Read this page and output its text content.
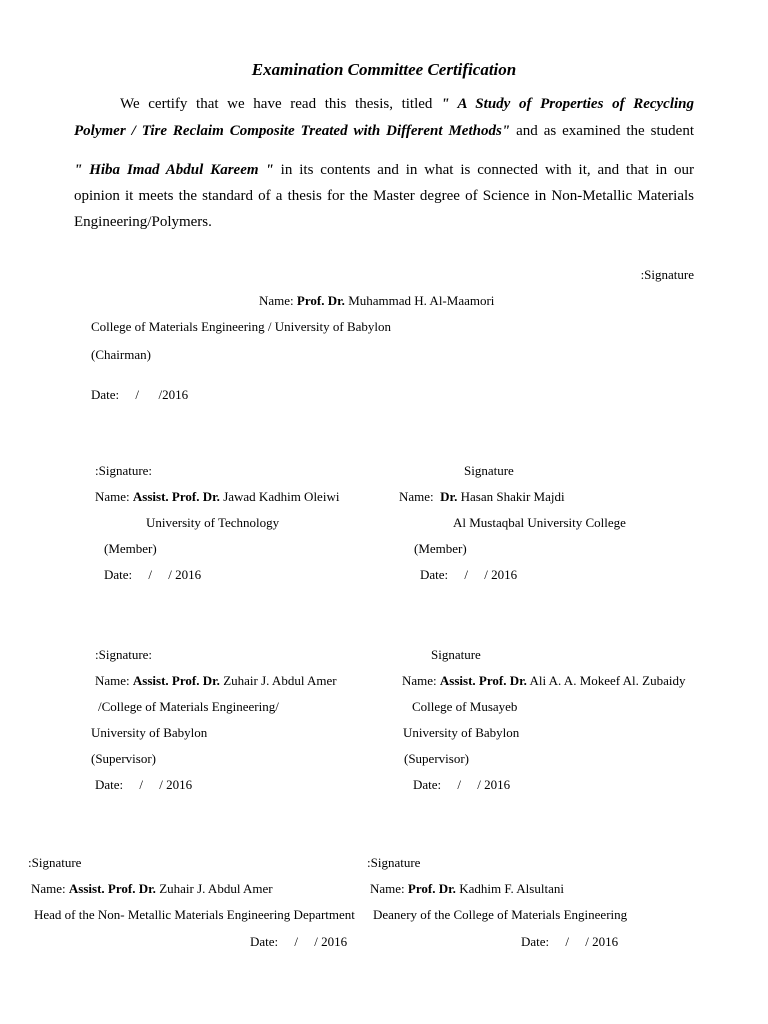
Examination Committee Certification
We certify that we have read this thesis, titled " A Study of Properties of Recycling
Polymer / Tire Reclaim Composite Treated with Different Methods" and as examined the student
" Hiba Imad Abdul Kareem " in its contents and in what is connected with it, and that in our
opinion it meets the standard of a thesis for the Master degree of Science in Non-Metallic Materials
Engineering/Polymers.
:Signature
Name: Prof. Dr. Muhammad H. Al-Maamori
College of Materials Engineering / University of Babylon
(Chairman)
Date:     /      /2016
:Signature:
Name: Assist. Prof. Dr. Jawad Kadhim Oleiwi
University of Technology
(Member)
Date:     /     / 2016
Signature
Name: Dr. Hasan Shakir Majdi
Al Mustaqbal University College
(Member)
Date:     /     / 2016
:Signature:
Name: Assist. Prof. Dr. Zuhair J. Abdul Amer
/College of Materials Engineering/
University of Babylon
(Supervisor)
Date:     /     / 2016
Signature
Name: Assist. Prof. Dr. Ali A. A. Mokeef Al. Zubaidy
College of Musayeb
University of Babylon
(Supervisor)
Date:     /     / 2016
:Signature
Name: Assist. Prof. Dr. Zuhair J. Abdul Amer
Head of the Non- Metallic Materials Engineering Department
Date:     /     / 2016
:Signature
Name: Prof. Dr. Kadhim F. Alsultani
Deanery of the College of Materials Engineering
Date:     /     / 2016
